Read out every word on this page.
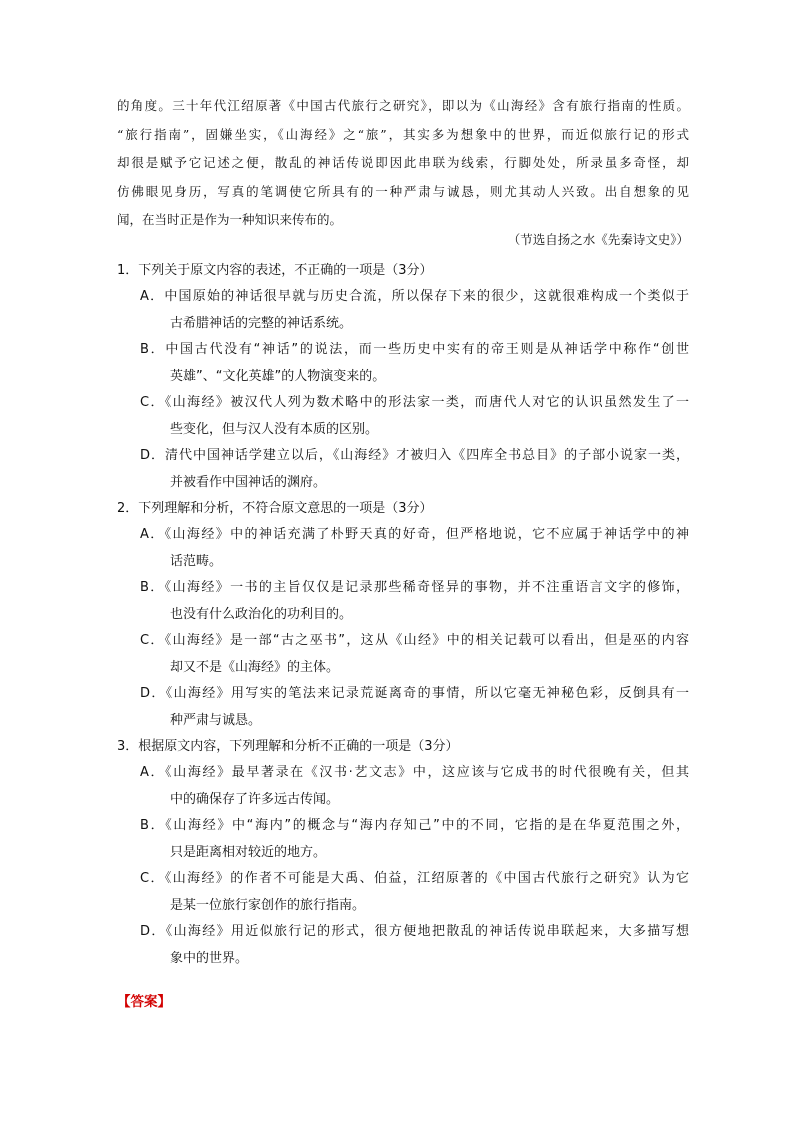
的角度。三十年代江绍原著《中国古代旅行之研究》，即以为《山海经》含有旅行指南的性质。
“旅行指南”，固嫌坐实，《山海经》之“旅”，其实多为想象中的世界，而近似旅行记的形式
却很是赋予它记述之便，散乱的神话传说即因此串联为线索，行脚处处，所录虽多奇怪，却
仿佛眼见身历，写真的笔调使它所具有的一种严肃与诚恳，则尤其动人兴致。出自想象的见
闻，在当时正是作为一种知识来传布的。
（节选自扬之水《先秦诗文史》）
1．下列关于原文内容的表述，不正确的一项是（3分）
A．中国原始的神话很早就与历史合流，所以保存下来的很少，这就很难构成一个类似于
古希腊神话的完整的神话系统。
B．中国古代没有“神话”的说法，而一些历史中实有的帝王则是从神话学中称作“创世
英雄”、“文化英雄”的人物演变来的。
C．《山海经》被汉代人列为数术略中的形法家一类，而唐代人对它的认识虽然发生了一
些变化，但与汉人没有本质的区别。
D．清代中国神话学建立以后，《山海经》才被归入《四库全书总目》的子部小说家一类，
并被看作中国神话的渊府。
2．下列理解和分析，不符合原文意思的一项是（3分）
A．《山海经》中的神话充满了朴野天真的好奇，但严格地说，它不应属于神话学中的神
话范畴。
B．《山海经》一书的主旨仅仅是记录那些稀奇怪异的事物，并不注重语言文字的修饰，
也没有什么政治化的功利目的。
C．《山海经》是一部“古之巫书”，这从《山经》中的相关记载可以看出，但是巫的内容
却又不是《山海经》的主体。
D．《山海经》用写实的笔法来记录荒诞离奇的事情，所以它毫无神秘色彩，反倒具有一
种严肃与诚恳。
3．根据原文内容，下列理解和分析不正确的一项是（3分）
A．《山海经》最早著录在《汉书·艺文志》中，这应该与它成书的时代很晚有关，但其
中的确保存了许多远古传闻。
B．《山海经》中“海内”的概念与“海内存知己”中的不同，它指的是在华夏范围之外，
只是距离相对较近的地方。
C．《山海经》的作者不可能是大禹、伯益，江绍原著的《中国古代旅行之研究》认为它
是某一位旅行家创作的旅行指南。
D．《山海经》用近似旅行记的形式，很方便地把散乱的神话传说串联起来，大多描写想
象中的世界。
【答案】
